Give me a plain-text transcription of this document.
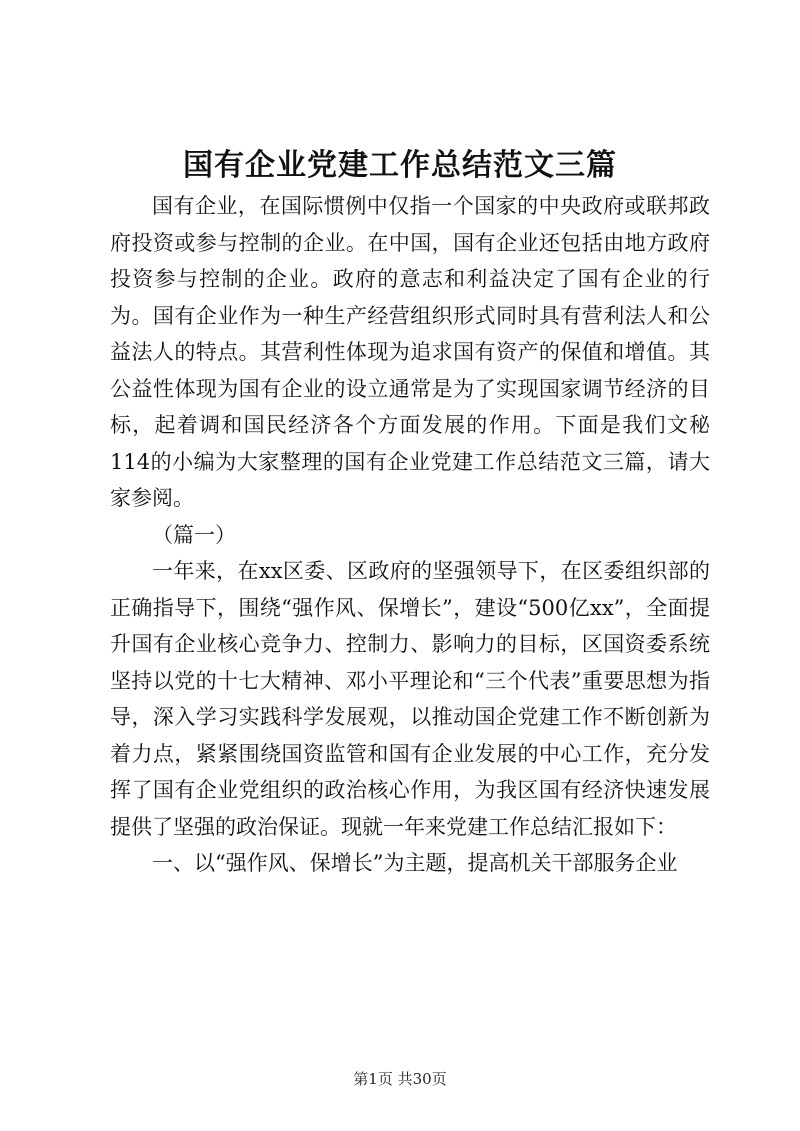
国有企业党建工作总结范文三篇

国有企业，在国际惯例中仅指一个国家的中央政府或联邦政府投资或参与控制的企业。在中国，国有企业还包括由地方政府投资参与控制的企业。政府的意志和利益决定了国有企业的行为。国有企业作为一种生产经营组织形式同时具有营利法人和公益法人的特点。其营利性体现为追求国有资产的保值和增值。其公益性体现为国有企业的设立通常是为了实现国家调节经济的目标，起着调和国民经济各个方面发展的作用。下面是我们文秘114的小编为大家整理的国有企业党建工作总结范文三篇，请大家参阅。

（篇一）

一年来，在xx区委、区政府的坚强领导下，在区委组织部的正确指导下，围绕“强作风、保增长”，建设“500亿xx”，全面提升国有企业核心竞争力、控制力、影响力的目标，区国资委系统坚持以党的十七大精神、邓小平理论和“三个代表”重要思想为指导，深入学习实践科学发展观，以推动国企党建工作不断创新为着力点，紧紧围绕国资监管和国有企业发展的中心工作，充分发挥了国有企业党组织的政治核心作用，为我区国有经济快速发展提供了坚强的政治保证。现就一年来党建工作总结汇报如下：

一、以“强作风、保增长”为主题，提高机关干部服务企业

第1页 共30页
